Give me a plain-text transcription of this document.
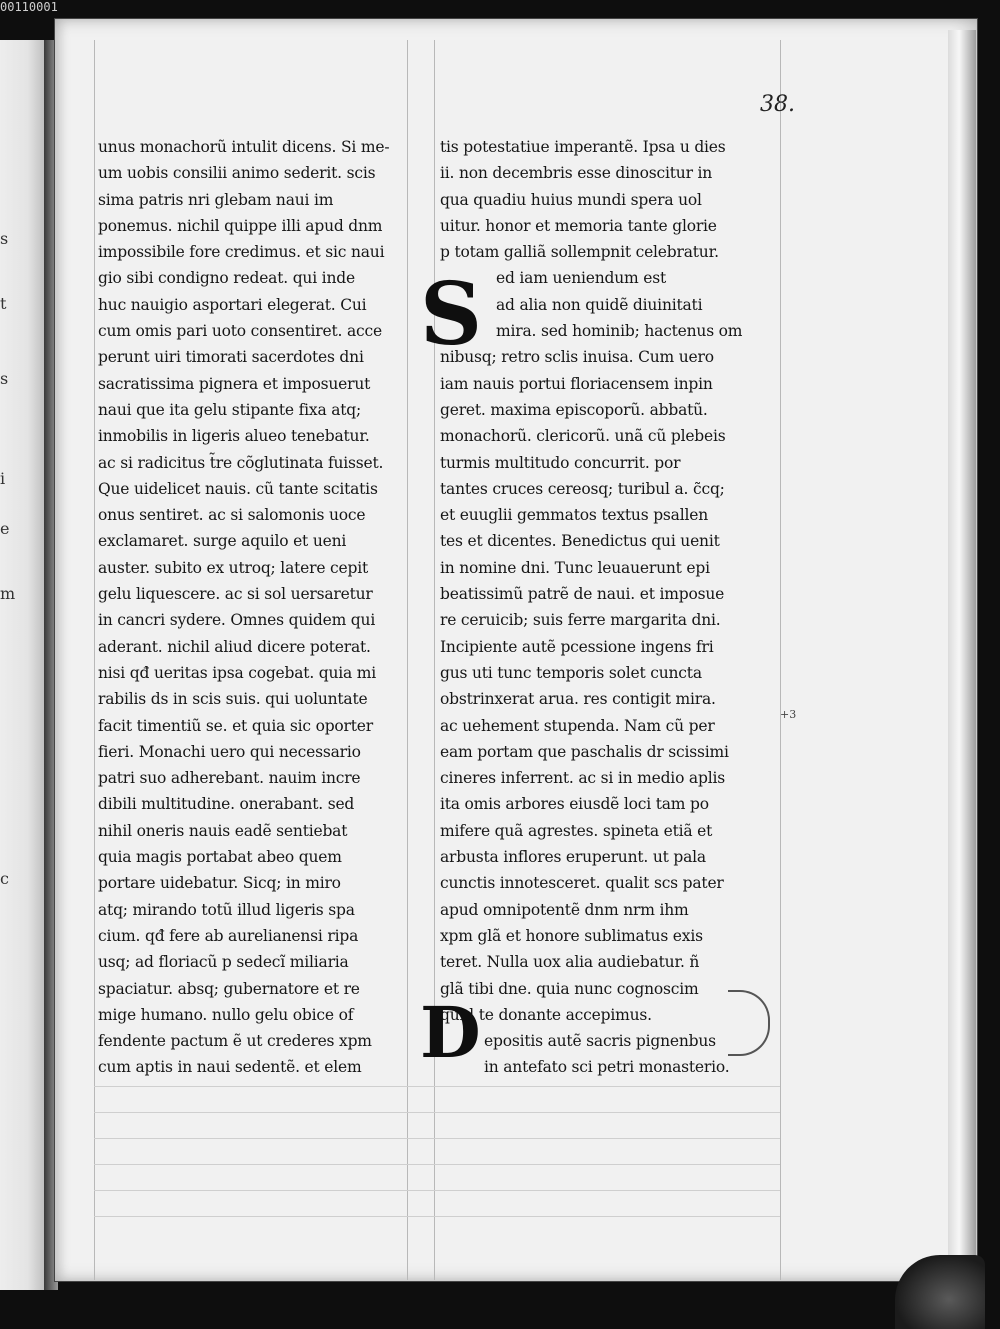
00110001
s
t
s
i
e
m
c
38.
unus monachorũ intulit dicens. Si me-
um uobis consilii animo sederit. scis
sima patris nri glebam naui im
ponemus. nichil quippe illi apud dnm
impossibile fore credimus. et sic naui
gio sibi condigno redeat. qui inde
huc nauigio asportari elegerat. Cui
cum omis pari uoto consentiret. acce
perunt uiri timorati sacerdotes dni
sacratissima pignera et imposuerut
naui que ita gelu stipante fixa atq;
inmobilis in ligeris alueo tenebatur.
ac si radicitus t̃re cõglutinata fuisset.
Que uidelicet nauis. cũ tante scitatis
onus sentiret. ac si salomonis uoce
exclamaret. surge aquilo et ueni
auster. subito ex utroq; latere cepit
gelu liquescere. ac si sol uersaretur
in cancri sydere. Omnes quidem qui
aderant. nichil aliud dicere poterat.
nisi qđ ueritas ipsa cogebat. quia mi
rabilis ds in scis suis. qui uoluntate
facit timentiũ se. et quia sic oporter
fieri. Monachi uero qui necessario
patri suo adherebant. nauim incre
dibili multitudine. onerabant. sed
nihil oneris nauis eadẽ sentiebat
quia magis portabat abeo quem
portare uidebatur. Sicq; in miro
atq; mirando totũ illud ligeris spa
cium. qđ fere ab aurelianensi ripa
usq; ad floriacũ p sedecĩ miliaria
spaciatur. absq; gubernatore et re
mige humano. nullo gelu obice of
fendente pactum ẽ ut crederes xpm
cum aptis in naui sedentẽ. et elem
tis potestatiue imperantẽ. Ipsa u dies
ii. non decembris esse dinoscitur in
qua quadiu huius mundi spera uol
uitur. honor et memoria tante glorie
p totam galliã sollempnit celebratur.
ed iam ueniendum est
ad alia non quidẽ diuinitati
mira. sed hominib; hactenus om
nibusq; retro sclis inuisa. Cum uero
iam nauis portui floriacensem inpin
geret. maxima episcoporũ. abbatũ.
monachorũ. clericorũ. unã cũ plebeis
turmis multitudo concurrit. por
tantes cruces cereosq; turibul a. c̃cq;
et euuglii gemmatos textus psallen
tes et dicentes. Benedictus qui uenit
in nomine dni. Tunc leuauerunt epi
beatissimũ patrẽ de naui. et imposue
re ceruicib; suis ferre margarita dni.
Incipiente autẽ pcessione ingens fri
gus uti tunc temporis solet cuncta
obstrinxerat arua. res contigit mira.
ac uehement stupenda. Nam cũ per
eam portam que paschalis dr scissimi
cineres inferrent. ac si in medio aplis
ita omis arbores eiusdẽ loci tam po
mifere quã agrestes. spineta etiã et
arbusta inflores eruperunt. ut pala
cunctis innotesceret. qualit scs pater
apud omnipotentẽ dnm nrm ihm
xpm glã et honore sublimatus exis
teret. Nulla uox alia audiebatur. ñ
glã tibi dne. quia nunc cognoscim
quid te donante accepimus.
epositis autẽ sacris pignenbus
in antefato sci petri monasterio.
S
D
+3
